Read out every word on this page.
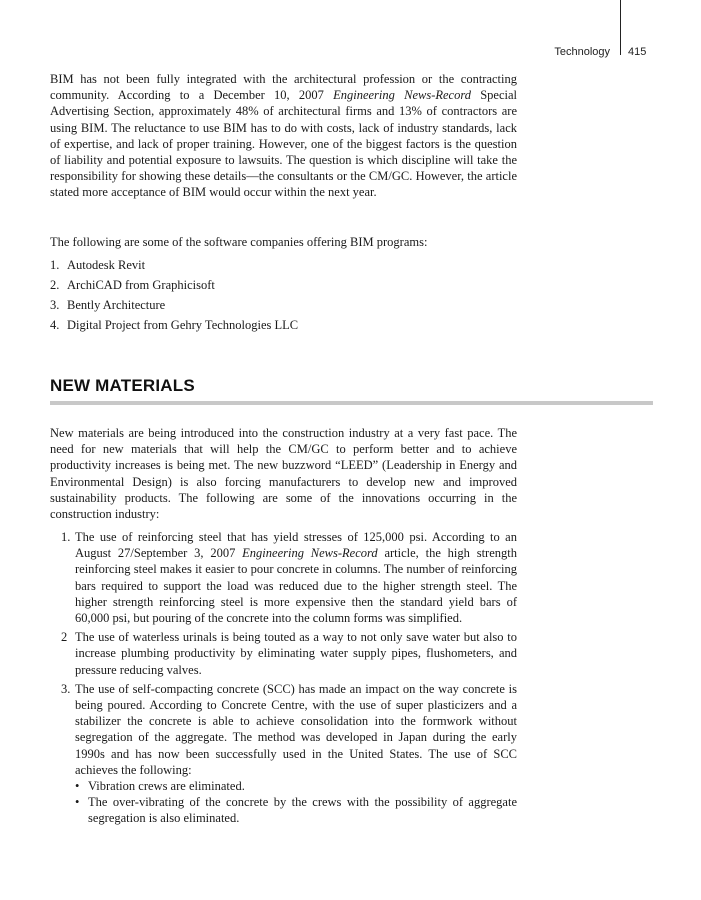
Technology 415

BIM has not been fully integrated with the architectural profession or the contracting community. According to a December 10, 2007 Engineering News-Record Special Advertising Section, approximately 48% of architectural firms and 13% of contractors are using BIM. The reluctance to use BIM has to do with costs, lack of industry standards, lack of expertise, and lack of proper training. However, one of the biggest factors is the question of liability and potential exposure to lawsuits. The question is which discipline will take the responsibility for showing these details—the consultants or the CM/GC. However, the article stated more acceptance of BIM would occur within the next year.

The following are some of the software companies offering BIM programs:

1. Autodesk Revit
2. ArchiCAD from Graphicisoft
3. Bently Architecture
4. Digital Project from Gehry Technologies LLC
NEW MATERIALS

New materials are being introduced into the construction industry at a very fast pace. The need for new materials that will help the CM/GC to perform better and to achieve productivity increases is being met. The new buzzword “LEED” (Leadership in Energy and Environmental Design) is also forcing manufacturers to develop new and improved sustainability products. The following are some of the innovations occurring in the construction industry:

1. The use of reinforcing steel that has yield stresses of 125,000 psi. According to an August 27/September 3, 2007 Engineering News-Record article, the high strength reinforcing steel makes it easier to pour concrete in columns. The number of reinforcing bars required to support the load was reduced due to the higher strength steel. The higher strength reinforcing steel is more expensive then the standard yield bars of 60,000 psi, but pouring of the concrete into the column forms was simplified.
2 The use of waterless urinals is being touted as a way to not only save water but also to increase plumbing productivity by eliminating water supply pipes, flushometers, and pressure reducing valves.
3. The use of self-compacting concrete (SCC) has made an impact on the way concrete is being poured. According to Concrete Centre, with the use of super plasticizers and a stabilizer the concrete is able to achieve consolidation into the formwork without segregation of the aggregate. The method was developed in Japan during the early 1990s and has now been successfully used in the United States. The use of SCC achieves the following:
• Vibration crews are eliminated.
• The over-vibrating of the concrete by the crews with the possibility of aggregate segregation is also eliminated.
